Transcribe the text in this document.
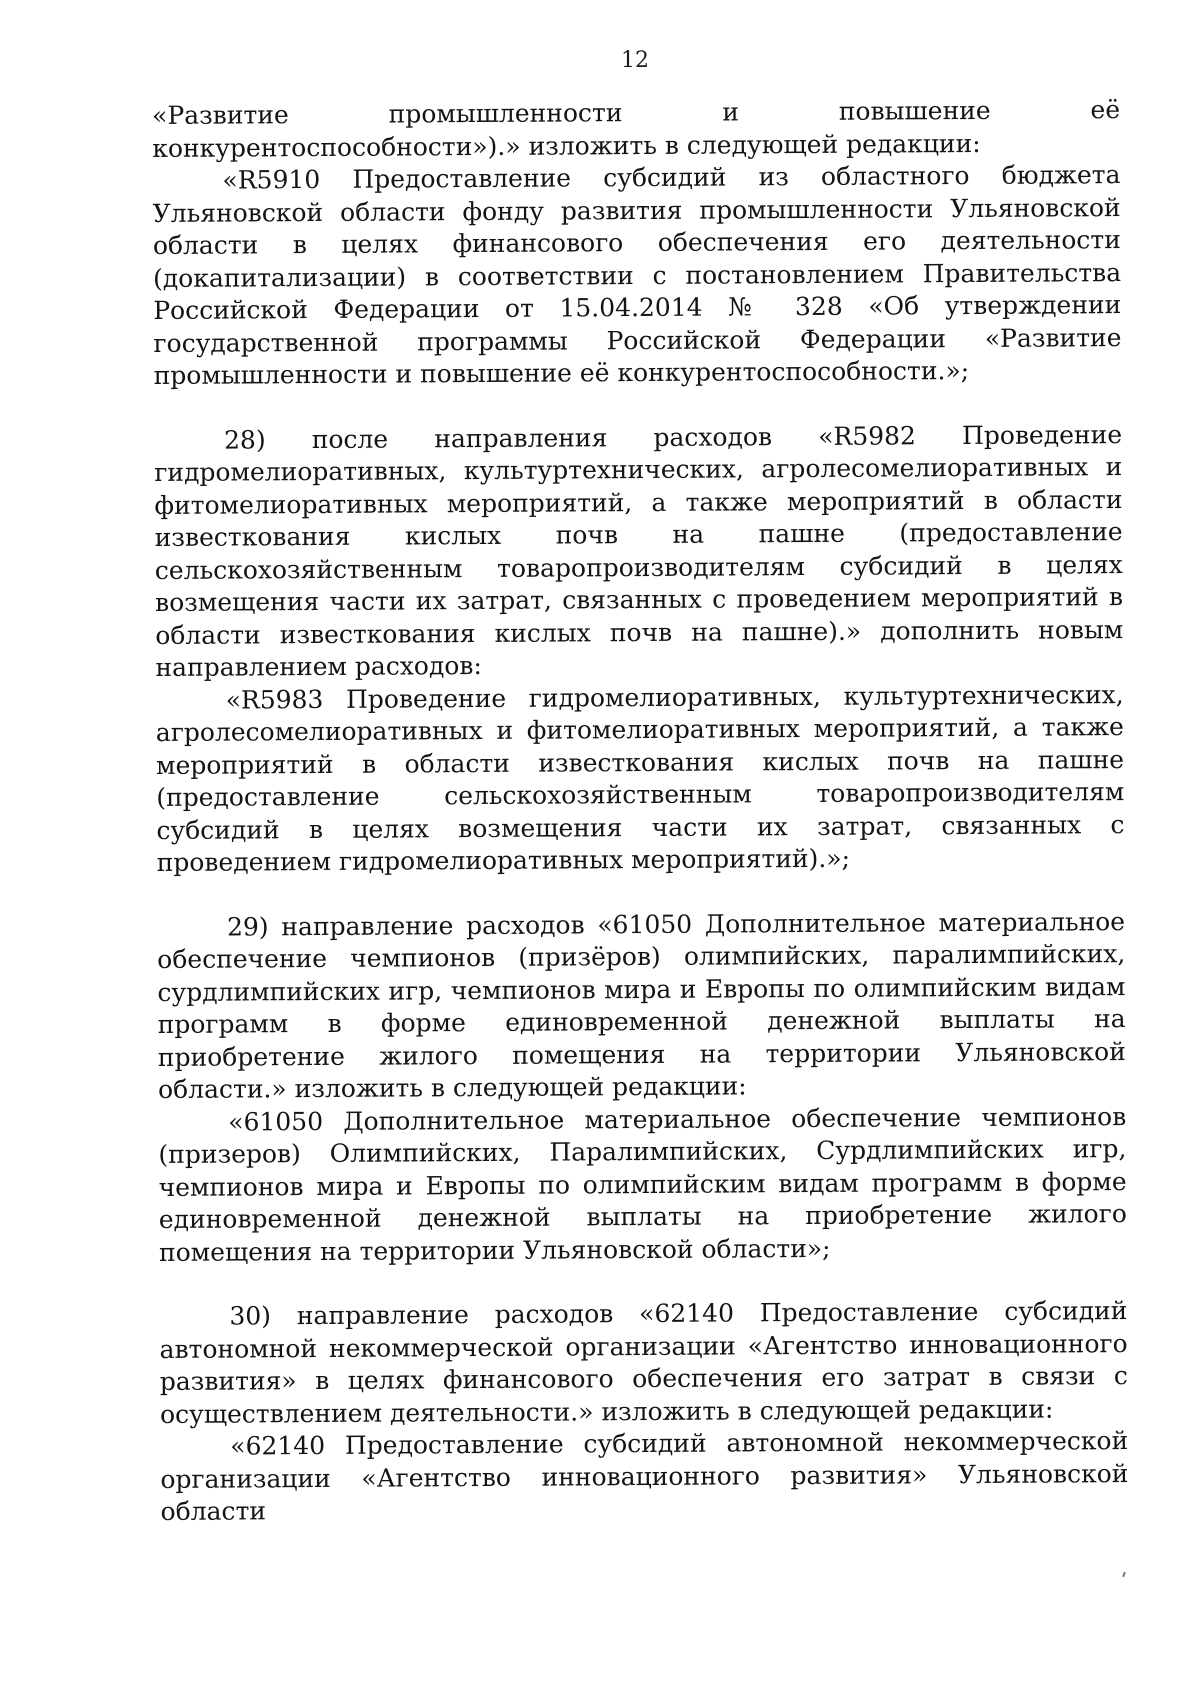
12

«Развитие промышленности и повышение её конкурентоспособности»).» изложить в следующей редакции:

«R5910 Предоставление субсидий из областного бюджета Ульяновской области фонду развития промышленности Ульяновской области в целях финансового обеспечения его деятельности (докапитализации) в соответствии с постановлением Правительства Российской Федерации от 15.04.2014 № 328 «Об утверждении государственной программы Российской Федерации «Развитие промышленности и повышение её конкурентоспособности.»;

28) после направления расходов «R5982 Проведение гидромелиоративных, культуртехнических, агролесомелиоративных и фитомелиоративных мероприятий, а также мероприятий в области известкования кислых почв на пашне (предоставление сельскохозяйственным товаропроизводителям субсидий в целях возмещения части их затрат, связанных с проведением мероприятий в области известкования кислых почв на пашне).» дополнить новым направлением расходов:

«R5983 Проведение гидромелиоративных, культуртехнических, агролесомелиоративных и фитомелиоративных мероприятий, а также мероприятий в области известкования кислых почв на пашне (предоставление сельскохозяйственным товаропроизводителям субсидий в целях возмещения части их затрат, связанных с проведением гидромелиоративных мероприятий).»;

29) направление расходов «61050 Дополнительное материальное обеспечение чемпионов (призёров) олимпийских, паралимпийских, сурдлимпийских игр, чемпионов мира и Европы по олимпийским видам программ в форме единовременной денежной выплаты на приобретение жилого помещения на территории Ульяновской области.» изложить в следующей редакции:

«61050 Дополнительное материальное обеспечение чемпионов (призеров) Олимпийских, Паралимпийских, Сурдлимпийских игр, чемпионов мира и Европы по олимпийским видам программ в форме единовременной денежной выплаты на приобретение жилого помещения на территории Ульяновской области»;

30) направление расходов «62140 Предоставление субсидий автономной некоммерческой организации «Агентство инновационного развития» в целях финансового обеспечения его затрат в связи с осуществлением деятельности.» изложить в следующей редакции:

«62140 Предоставление субсидий автономной некоммерческой организации «Агентство инновационного развития» Ульяновской области
